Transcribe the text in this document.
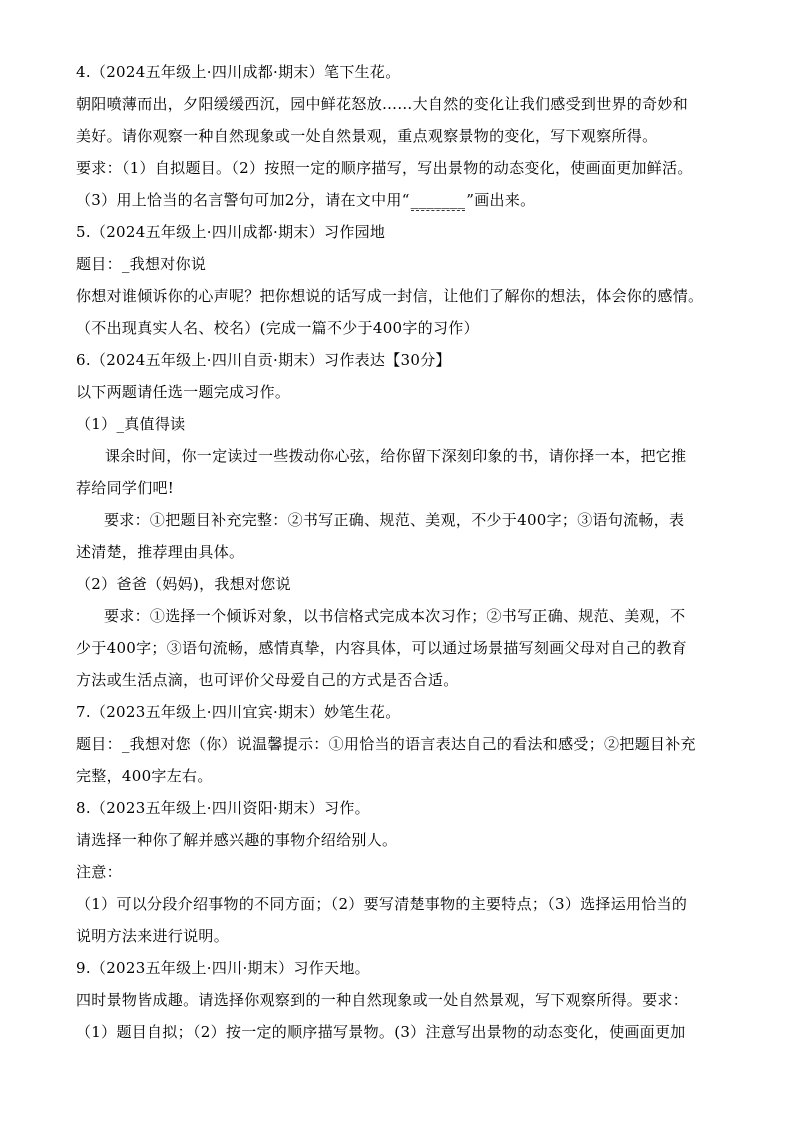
4.（2024五年级上·四川成都·期末）笔下生花。
朝阳喷薄而出，夕阳缓缓西沉，园中鲜花怒放……大自然的变化让我们感受到世界的奇妙和
美好。请你观察一种自然现象或一处自然景观，重点观察景物的变化，写下观察所得。
要求：（1）自拟题目。（2）按照一定的顺序描写，写出景物的动态变化，使画面更加鲜活。
（3）用上恰当的名言警句可加2分，请在文中用“_______”画出来。
5.（2024五年级上·四川成都·期末）习作园地
题目：_我想对你说
你想对谁倾诉你的心声呢？把你想说的话写成一封信，让他们了解你的想法，体会你的感情。
（不出现真实人名、校名）(完成一篇不少于400字的习作）
6.（2024五年级上·四川自贡·期末）习作表达【30分】
以下两题请任选一题完成习作。
（1）_真值得读
课余时间，你一定读过一些拨动你心弦，给你留下深刻印象的书，请你择一本，把它推
荐给同学们吧!
要求：①把题目补充完整：②书写正确、规范、美观，不少于400字；③语句流畅，表
述清楚，推荐理由具体。
（2）爸爸（妈妈)，我想对您说
要求：①选择一个倾诉对象，以书信格式完成本次习作；②书写正确、规范、美观，不
少于400字；③语句流畅，感情真挚，内容具体，可以通过场景描写刻画父母对自己的教育
方法或生活点滴，也可评价父母爱自己的方式是否合适。
7.（2023五年级上·四川宜宾·期末）妙笔生花。
题目：_我想对您（你）说温馨提示：①用恰当的语言表达自己的看法和感受；②把题目补充
完整，400字左右。
8.（2023五年级上·四川资阳·期末）习作。
请选择一种你了解并感兴趣的事物介绍给别人。
注意：
（1）可以分段介绍事物的不同方面；（2）要写清楚事物的主要特点；（3）选择运用恰当的
说明方法来进行说明。
9.（2023五年级上·四川·期末）习作天地。
四时景物皆成趣。请选择你观察到的一种自然现象或一处自然景观，写下观察所得。要求：
（1）题目自拟；（2）按一定的顺序描写景物。(3）注意写出景物的动态变化，使画面更加
